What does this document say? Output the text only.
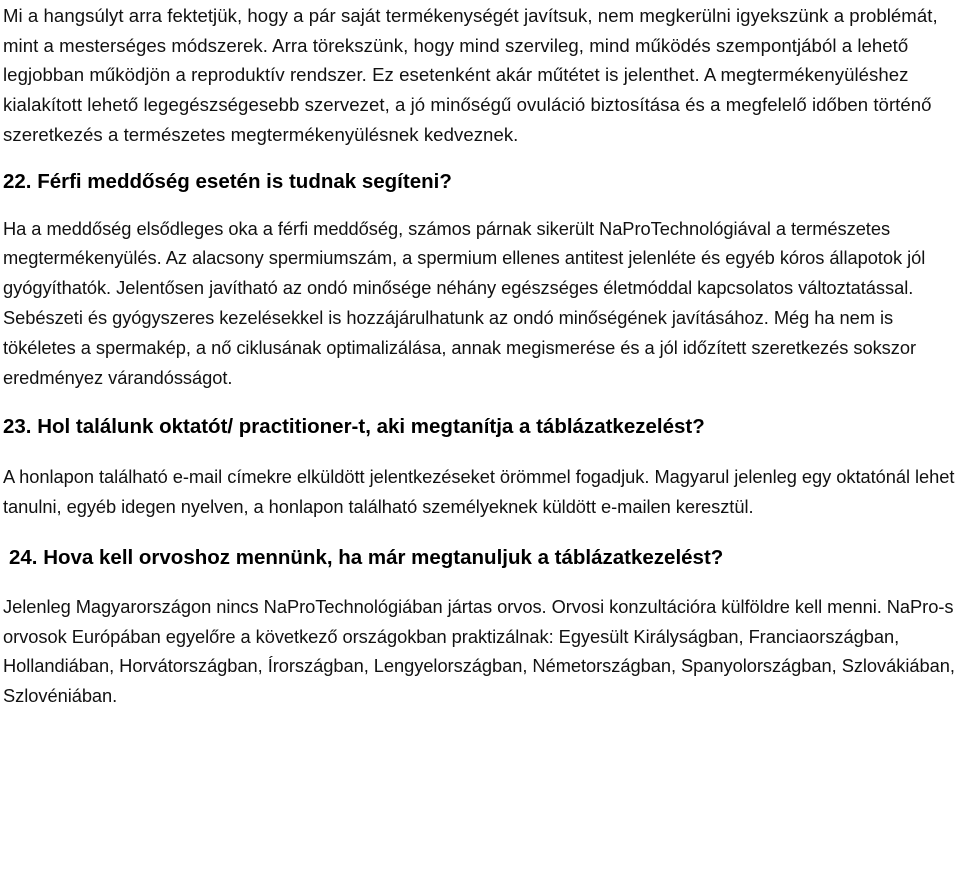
Mi a hangsúlyt arra fektetjük, hogy a pár saját termékenységét javítsuk, nem megkerülni igyekszünk a problémát, mint a mesterséges módszerek. Arra törekszünk, hogy mind szervileg, mind működés szempontjából a lehető legjobban működjön a reproduktív rendszer. Ez esetenként akár műtétet is jelenthet. A megtermékenyüléshez kialakított lehető legegészségesebb szervezet, a jó minőségű ovuláció biztosítása és a megfelelő időben történő szeretkezés a természetes megtermékenyülésnek kedveznek.

22. Férfi meddőség esetén is tudnak segíteni?

Ha a meddőség elsődleges oka a férfi meddőség, számos párnak sikerült NaProTechnológiával a természetes megtermékenyülés. Az alacsony spermiumszám, a spermium ellenes antitest jelenléte és egyéb kóros állapotok jól gyógyíthatók. Jelentősen javítható az ondó minősége néhány egészséges életmóddal kapcsolatos változtatással. Sebészeti és gyógyszeres kezelésekkel is hozzájárulhatunk az ondó minőségének javításához. Még ha nem is tökéletes a spermakép, a nő ciklusának optimalizálása, annak megismerése és a jól időzített szeretkezés sokszor eredményez várandósságot.

23. Hol találunk oktatót/ practitioner-t, aki megtanítja a táblázatkezelést?

A honlapon található e-mail címekre elküldött jelentkezéseket örömmel fogadjuk. Magyarul jelenleg egy oktatónál lehet tanulni, egyéb idegen nyelven, a honlapon található személyeknek küldött e-mailen keresztül.

24. Hova kell orvoshoz mennünk, ha már megtanuljuk a táblázatkezelést?

Jelenleg Magyarországon nincs NaProTechnológiában jártas orvos. Orvosi konzultációra külföldre kell menni. NaPro-s orvosok Európában egyelőre a következő országokban praktizálnak: Egyesült Királyságban, Franciaországban, Hollandiában, Horvátországban, Írországban, Lengyelországban, Németországban, Spanyolországban, Szlovákiában, Szlovéniában.
